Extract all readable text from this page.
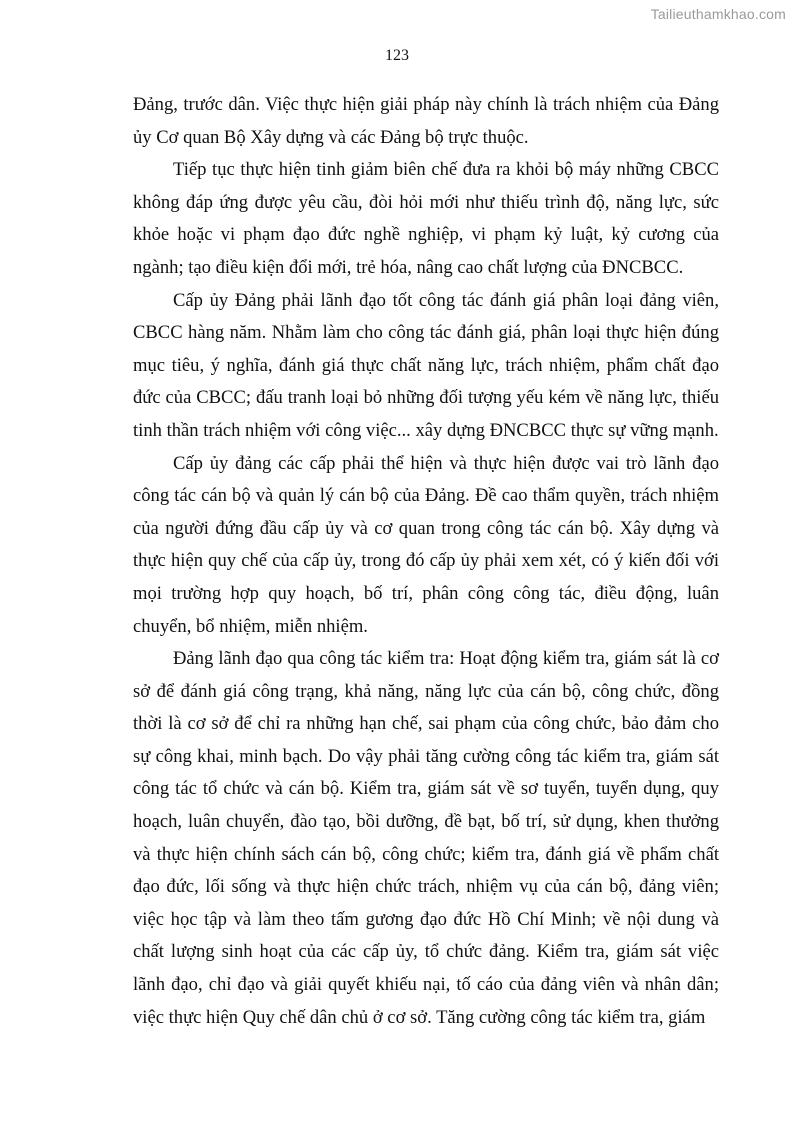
Tailieuthamkhao.com
123

Đảng, trước dân. Việc thực hiện giải pháp này chính là trách nhiệm của Đảng ủy Cơ quan Bộ Xây dựng và các Đảng bộ trực thuộc.

Tiếp tục thực hiện tinh giảm biên chế đưa ra khỏi bộ máy những CBCC không đáp ứng được yêu cầu, đòi hỏi mới như thiếu trình độ, năng lực, sức khỏe hoặc vi phạm đạo đức nghề nghiệp, vi phạm kỷ luật, kỷ cương của ngành; tạo điều kiện đổi mới, trẻ hóa, nâng cao chất lượng của ĐNCBCC.

Cấp ủy Đảng phải lãnh đạo tốt công tác đánh giá phân loại đảng viên, CBCC hàng năm. Nhằm làm cho công tác đánh giá, phân loại thực hiện đúng mục tiêu, ý nghĩa, đánh giá thực chất năng lực, trách nhiệm, phẩm chất đạo đức của CBCC; đấu tranh loại bỏ những đối tượng yếu kém về năng lực, thiếu tinh thần trách nhiệm với công việc... xây dựng ĐNCBCC thực sự vững mạnh.

Cấp ủy đảng các cấp phải thể hiện và thực hiện được vai trò lãnh đạo công tác cán bộ và quản lý cán bộ của Đảng. Đề cao thẩm quyền, trách nhiệm của người đứng đầu cấp ủy và cơ quan trong công tác cán bộ. Xây dựng và thực hiện quy chế của cấp ủy, trong đó cấp ủy phải xem xét, có ý kiến đối với mọi trường hợp quy hoạch, bố trí, phân công công tác, điều động, luân chuyển, bổ nhiệm, miễn nhiệm.

Đảng lãnh đạo qua công tác kiểm tra: Hoạt động kiểm tra, giám sát là cơ sở để đánh giá công trạng, khả năng, năng lực của cán bộ, công chức, đồng thời là cơ sở để chỉ ra những hạn chế, sai phạm của công chức, bảo đảm cho sự công khai, minh bạch. Do vậy phải tăng cường công tác kiểm tra, giám sát công tác tổ chức và cán bộ. Kiểm tra, giám sát về sơ tuyển, tuyển dụng, quy hoạch, luân chuyển, đào tạo, bồi dưỡng, đề bạt, bố trí, sử dụng, khen thưởng và thực hiện chính sách cán bộ, công chức; kiểm tra, đánh giá về phẩm chất đạo đức, lối sống và thực hiện chức trách, nhiệm vụ của cán bộ, đảng viên; việc học tập và làm theo tấm gương đạo đức Hồ Chí Minh; về nội dung và chất lượng sinh hoạt của các cấp ủy, tổ chức đảng. Kiểm tra, giám sát việc lãnh đạo, chỉ đạo và giải quyết khiếu nại, tố cáo của đảng viên và nhân dân; việc thực hiện Quy chế dân chủ ở cơ sở. Tăng cường công tác kiểm tra, giám
